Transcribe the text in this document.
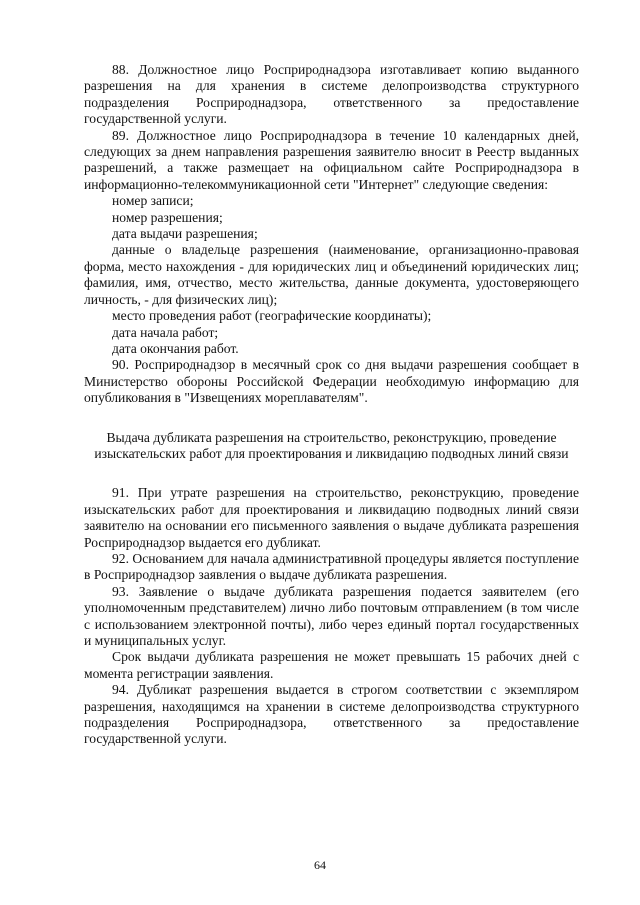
88. Должностное лицо Росприроднадзора изготавливает копию выданного разрешения на для хранения в системе делопроизводства структурного подразделения Росприроднадзора, ответственного за предоставление государственной услуги.

89. Должностное лицо Росприроднадзора в течение 10 календарных дней, следующих за днем направления разрешения заявителю вносит в Реестр выданных разрешений, а также размещает на официальном сайте Росприроднадзора в информационно-телекоммуникационной сети "Интернет" следующие сведения:

номер записи;

номер разрешения;

дата выдачи разрешения;

данные о владельце разрешения (наименование, организационно-правовая форма, место нахождения - для юридических лиц и объединений юридических лиц; фамилия, имя, отчество, место жительства, данные документа, удостоверяющего личность, - для физических лиц);

место проведения работ (географические координаты);

дата начала работ;

дата окончания работ.

90. Росприроднадзор в месячный срок со дня выдачи разрешения сообщает в Министерство обороны Российской Федерации необходимую информацию для опубликования в "Извещениях мореплавателям".

Выдача дубликата разрешения на строительство, реконструкцию, проведение изыскательских работ для проектирования и ликвидацию подводных линий связи

91. При утрате разрешения на строительство, реконструкцию, проведение изыскательских работ для проектирования и ликвидацию подводных линий связи заявителю на основании его письменного заявления о выдаче дубликата разрешения Росприроднадзор выдается его дубликат.

92. Основанием для начала административной процедуры является поступление в Росприроднадзор заявления о выдаче дубликата разрешения.

93. Заявление о выдаче дубликата разрешения подается заявителем (его уполномоченным представителем) лично либо почтовым отправлением (в том числе с использованием электронной почты), либо через единый портал государственных и муниципальных услуг.

Срок выдачи дубликата разрешения не может превышать 15 рабочих дней с момента регистрации заявления.

94. Дубликат разрешения выдается в строгом соответствии с экземпляром разрешения, находящимся на хранении в системе делопроизводства структурного подразделения Росприроднадзора, ответственного за предоставление государственной услуги.

64
